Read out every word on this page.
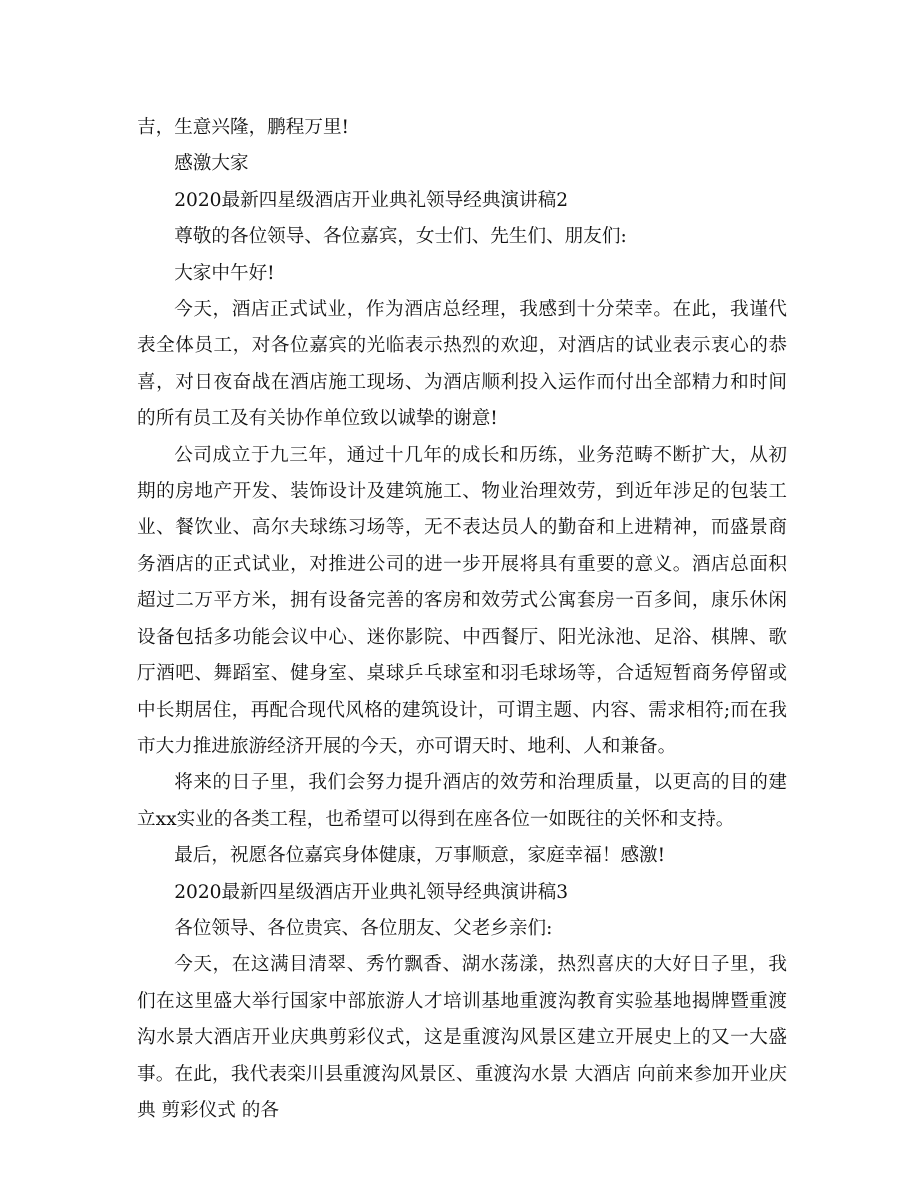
吉，生意兴隆，鹏程万里!

感激大家

2020最新四星级酒店开业典礼领导经典演讲稿2

尊敬的各位领导、各位嘉宾，女士们、先生们、朋友们:

大家中午好!

今天，酒店正式试业，作为酒店总经理，我感到十分荣幸。在此，我谨代表全体员工，对各位嘉宾的光临表示热烈的欢迎，对酒店的试业表示衷心的恭喜，对日夜奋战在酒店施工现场、为酒店顺利投入运作而付出全部精力和时间的所有员工及有关协作单位致以诚挚的谢意!

公司成立于九三年，通过十几年的成长和历练，业务范畴不断扩大，从初期的房地产开发、装饰设计及建筑施工、物业治理效劳，到近年涉足的包装工业、餐饮业、高尔夫球练习场等，无不表达员人的勤奋和上进精神，而盛景商务酒店的正式试业，对推进公司的进一步开展将具有重要的意义。酒店总面积超过二万平方米，拥有设备完善的客房和效劳式公寓套房一百多间，康乐休闲设备包括多功能会议中心、迷你影院、中西餐厅、阳光泳池、足浴、棋牌、歌厅酒吧、舞蹈室、健身室、桌球乒乓球室和羽毛球场等，合适短暂商务停留或中长期居住，再配合现代风格的建筑设计，可谓主题、内容、需求相符;而在我市大力推进旅游经济开展的今天，亦可谓天时、地利、人和兼备。

将来的日子里，我们会努力提升酒店的效劳和治理质量，以更高的目的建立xx实业的各类工程，也希望可以得到在座各位一如既往的关怀和支持。

最后，祝愿各位嘉宾身体健康，万事顺意，家庭幸福！感激!

2020最新四星级酒店开业典礼领导经典演讲稿3

各位领导、各位贵宾、各位朋友、父老乡亲们:

今天，在这满目清翠、秀竹飘香、湖水荡漾，热烈喜庆的大好日子里，我们在这里盛大举行国家中部旅游人才培训基地重渡沟教育实验基地揭牌暨重渡沟水景大酒店开业庆典剪彩仪式，这是重渡沟风景区建立开展史上的又一大盛事。在此，我代表栾川县重渡沟风景区、重渡沟水景 大酒店 向前来参加开业庆典 剪彩仪式 的各
